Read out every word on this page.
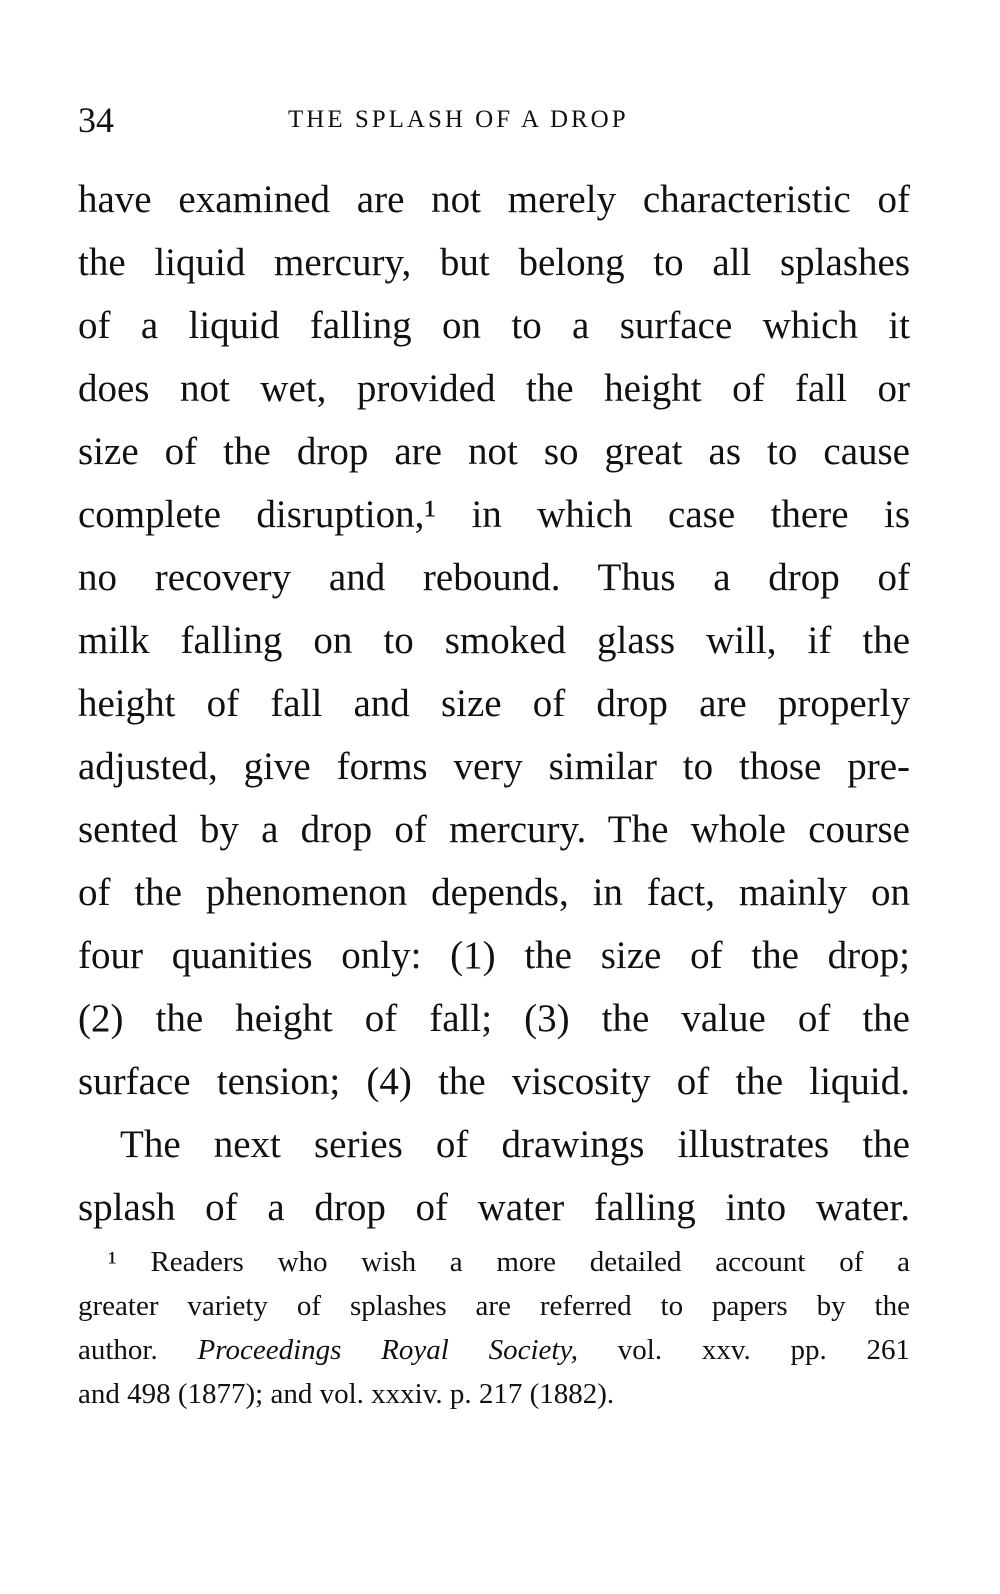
34	THE SPLASH OF A DROP
have examined are not merely characteristic of
the liquid mercury, but belong to all splashes
of a liquid falling on to a surface which it
does not wet, provided the height of fall or
size of the drop are not so great as to cause
complete disruption,¹ in which case there is
no recovery and rebound. Thus a drop of
milk falling on to smoked glass will, if the
height of fall and size of drop are properly
adjusted, give forms very similar to those pre-
sented by a drop of mercury. The whole course
of the phenomenon depends, in fact, mainly on
four quanities only: (1) the size of the drop;
(2) the height of fall; (3) the value of the
surface tension; (4) the viscosity of the liquid.
The next series of drawings illustrates the
splash of a drop of water falling into water.
¹ Readers who wish a more detailed account of a
greater variety of splashes are referred to papers by the
author. Proceedings Royal Society, vol. xxv. pp. 261
and 498 (1877); and vol. xxxiv. p. 217 (1882).
